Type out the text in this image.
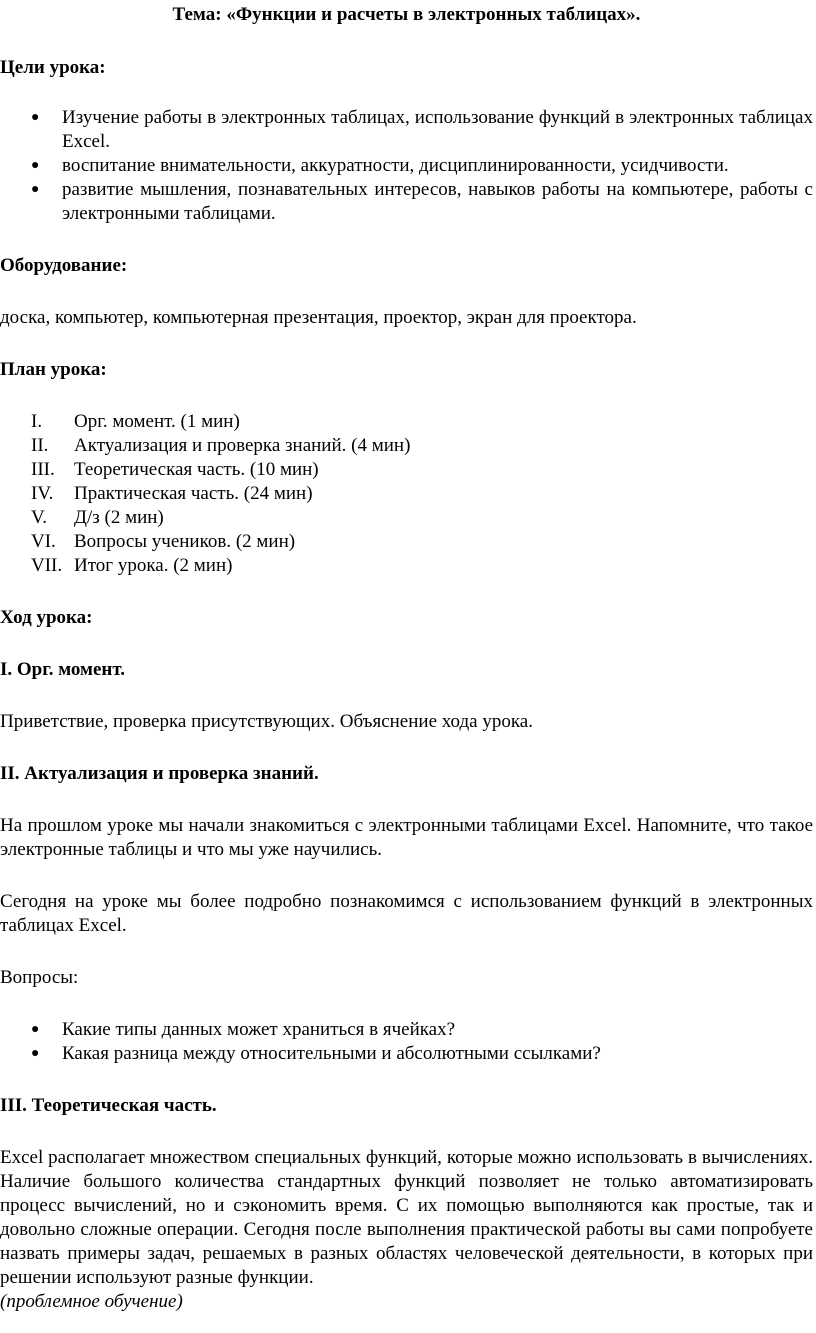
Тема: «Функции и расчеты в электронных таблицах».
Цели урока:
● Изучение работы в электронных таблицах, использование функций в электронных таблицах Excel.
● воспитание внимательности, аккуратности, дисциплинированности, усидчивости.
● развитие мышления, познавательных интересов, навыков работы на компьютере, работы с электронными таблицами.
Оборудование:
доска, компьютер, компьютерная презентация, проектор, экран для проектора.
План урока:
I. Орг. момент. (1 мин)
II. Актуализация и проверка знаний. (4 мин)
III. Теоретическая часть. (10 мин)
IV. Практическая часть. (24 мин)
V. Д/з (2 мин)
VI. Вопросы учеников. (2 мин)
VII. Итог урока. (2 мин)
Ход урока:
I. Орг. момент.
Приветствие, проверка присутствующих. Объяснение хода урока.
II. Актуализация и проверка знаний.
На прошлом уроке мы начали знакомиться с электронными таблицами Excel. Напомните, что такое электронные таблицы и что мы уже научились.
Сегодня на уроке мы более подробно познакомимся с использованием функций в электронных таблицах Excel.
Вопросы:
● Какие типы данных может храниться в ячейках?
● Какая разница между относительными и абсолютными ссылками?
III. Теоретическая часть.
Excel располагает множеством специальных функций, которые можно использовать в вычислениях. Наличие большого количества стандартных функций позволяет не только автоматизировать процесс вычислений, но и сэкономить время. С их помощью выполняются как простые, так и довольно сложные операции. Сегодня после выполнения практической работы вы сами попробуете назвать примеры задач, решаемых в разных областях человеческой деятельности, в которых при решении используют разные функции.
(проблемное обучение)
